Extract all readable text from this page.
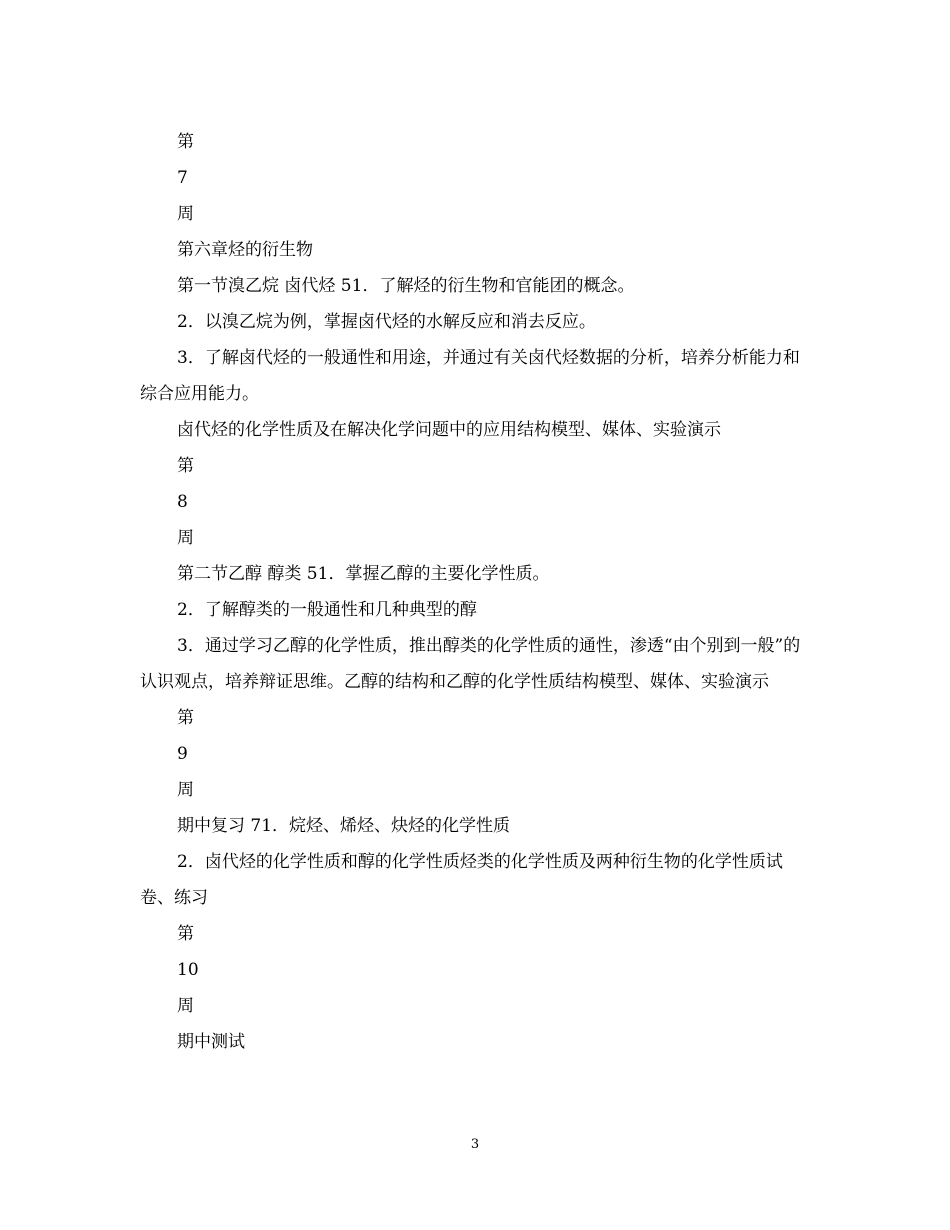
第

7

周

第六章烃的衍生物

第一节溴乙烷 卤代烃 51．了解烃的衍生物和官能团的概念。

2．以溴乙烷为例，掌握卤代烃的水解反应和消去反应。

3．了解卤代烃的一般通性和用途，并通过有关卤代烃数据的分析，培养分析能力和综合应用能力。

卤代烃的化学性质及在解决化学问题中的应用结构模型、媒体、实验演示

第

8

周

第二节乙醇 醇类 51．掌握乙醇的主要化学性质。

2．了解醇类的一般通性和几种典型的醇

3．通过学习乙醇的化学性质，推出醇类的化学性质的通性，渗透“由个别到一般”的认识观点，培养辩证思维。乙醇的结构和乙醇的化学性质结构模型、媒体、实验演示

第

9

周

期中复习 71．烷烃、烯烃、炔烃的化学性质

2．卤代烃的化学性质和醇的化学性质烃类的化学性质及两种衍生物的化学性质试卷、练习

第

10

周

期中测试

3
